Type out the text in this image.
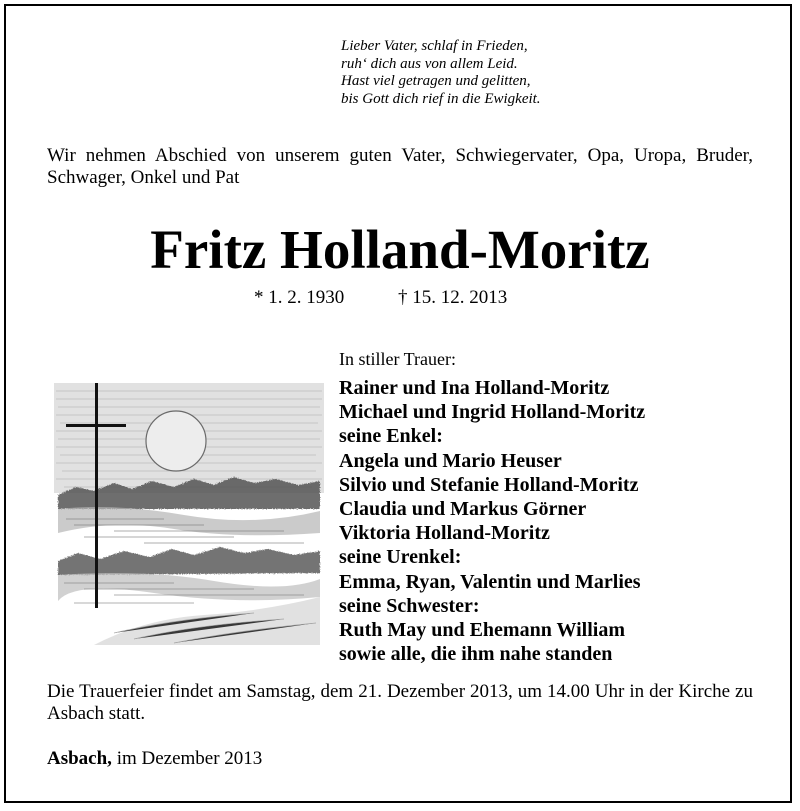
Lieber Vater, schlaf in Frieden,
ruh‘ dich aus von allem Leid.
Hast viel getragen und gelitten,
bis Gott dich rief in die Ewigkeit.
Wir nehmen Abschied von unserem guten Vater, Schwiegervater, Opa, Uropa, Bruder, Schwager, Onkel und Pat
Fritz Holland-Moritz
* 1. 2. 1930	† 15. 12. 2013
In stiller Trauer:
Rainer und Ina Holland-Moritz
Michael und Ingrid Holland-Moritz
seine Enkel:
Angela und Mario Heuser
Silvio und Stefanie Holland-Moritz
Claudia und Markus Görner
Viktoria Holland-Moritz
seine Urenkel:
Emma, Ryan, Valentin und Marlies
seine Schwester:
Ruth May und Ehemann William
sowie alle, die ihm nahe standen
Die Trauerfeier findet am Samstag, dem 21. Dezember 2013, um 14.00 Uhr in der Kirche zu Asbach statt.
Asbach, im Dezember 2013
